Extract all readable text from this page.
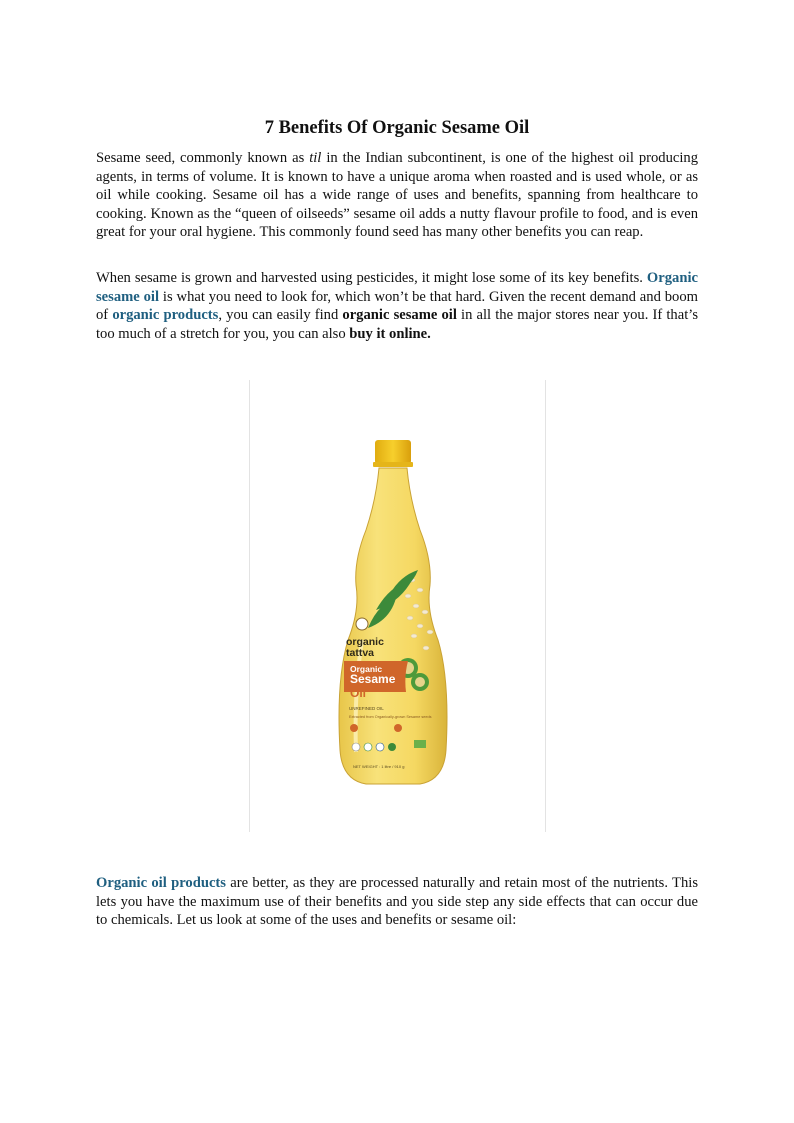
7 Benefits Of Organic Sesame Oil

Sesame seed, commonly known as til in the Indian subcontinent, is one of the highest oil producing agents, in terms of volume. It is known to have a unique aroma when roasted and is used whole, or as oil while cooking. Sesame oil has a wide range of uses and benefits, spanning from healthcare to cooking. Known as the “queen of oilseeds” sesame oil adds a nutty flavour profile to food, and is even great for your oral hygiene. This commonly found seed has many other benefits you can reap.

When sesame is grown and harvested using pesticides, it might lose some of its key benefits. Organic sesame oil is what you need to look for, which won’t be that hard. Given the recent demand and boom of organic products, you can easily find organic sesame oil in all the major stores near you. If that’s too much of a stretch for you, you can also buy it online.

Organic oil products are better, as they are processed naturally and retain most of the nutrients. This lets you have the maximum use of their benefits and you side step any side effects that can occur due to chemicals. Let us look at some of the uses and benefits or sesame oil:

organic
tattva
Organic
Sesame
Oil
UNREFINED OIL
Extracted from Organically-grown Sesame seeds
NET WEIGHT : 1 litre / 910 g
